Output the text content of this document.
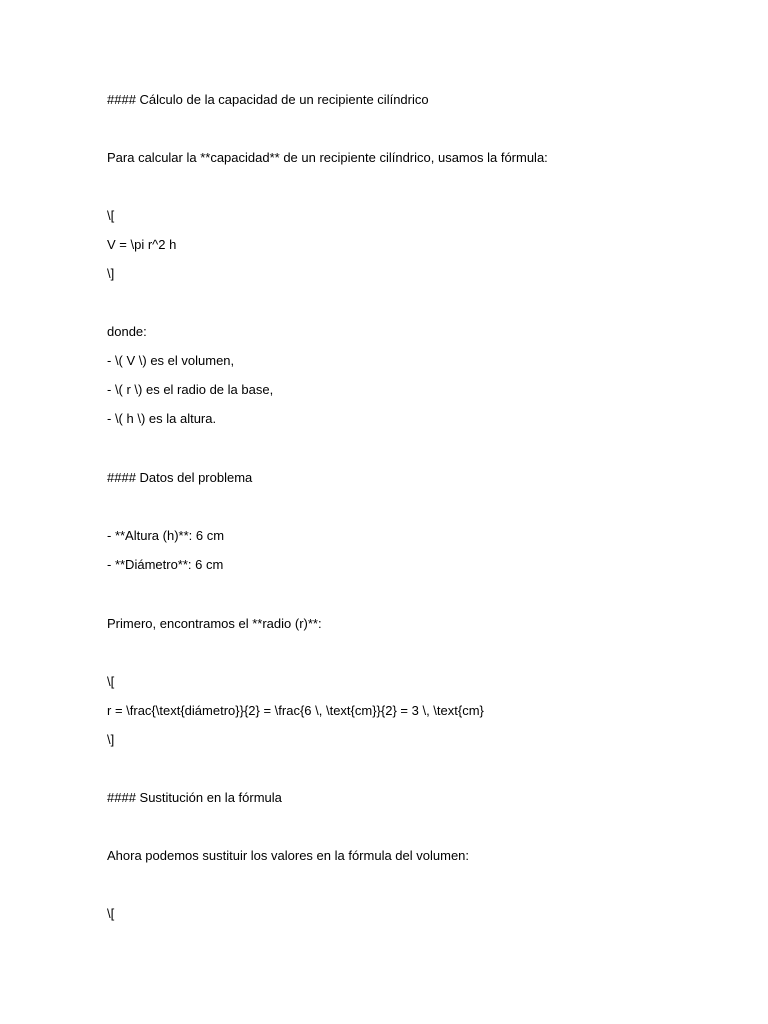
#### Cálculo de la capacidad de un recipiente cilíndrico
Para calcular la **capacidad** de un recipiente cilíndrico, usamos la fórmula:
\[
V = \pi r^2 h
\]
donde:
- \( V \) es el volumen,
- \( r \) es el radio de la base,
- \( h \) es la altura.
#### Datos del problema
- **Altura (h)**: 6 cm
- **Diámetro**: 6 cm
Primero, encontramos el **radio (r)**:
\[
r = \frac{\text{diámetro}}{2} = \frac{6 \, \text{cm}}{2} = 3 \, \text{cm}
\]
#### Sustitución en la fórmula
Ahora podemos sustituir los valores en la fórmula del volumen:
\[
